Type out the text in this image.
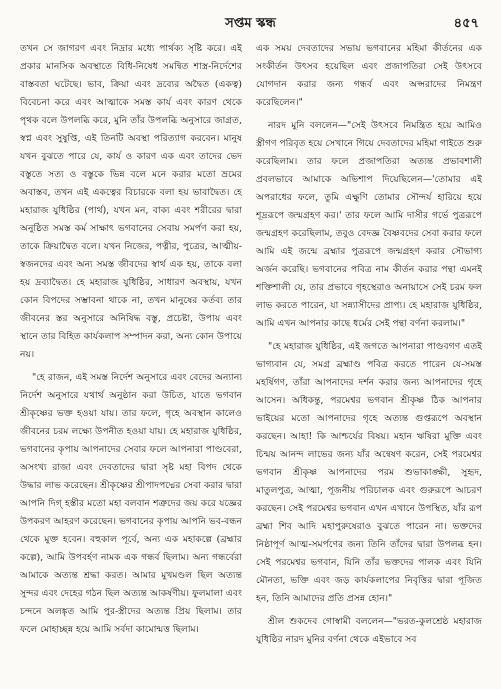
সপ্তম স্কন্ধ	৪৫৭

তখন সে জাগরণ এবং নিদ্রার মধ্যে পার্থক্য সৃষ্টি করে। এই প্রকার মানসিক অবস্থাতে বিধি-নিষেধ সমন্বিত শাস্ত্র-নির্দেশের বাস্তবতা ঘটেছে। ভাব, ক্রিয়া এবং দ্রব্যের অদ্বৈত (একত্ব) বিবেচনা করে এবং আত্মাকে সমস্ত কার্য এবং কারণ থেকে পৃথক বলে উপলব্ধি করে, মুনি তাঁর উপলব্ধি অনুসারে জাগ্রত, স্বপ্ন এবং সুষুপ্তি, এই তিনটি অবস্থা পরিত্যাগ করবেন। মানুষ যখন বুঝতে পারে যে, কার্য ও কারণ এক এবং তাদের ভেদ বস্তুতে সত্য ও বস্তুকে ভিন্ন বলে মনে করার মতো ভ্রমের অবাস্তব, তখন এই একত্বের বিচারকে বলা হয় ভাবাদ্বৈত। হে মহারাজ যুধিষ্ঠির (পার্থ), যখন মন, বাক্য এবং শরীরের দ্বারা অনুষ্ঠিত সমস্ত কর্ম সাক্ষাৎ ভগবানের সেবায় সমর্পণ করা হয়, তাকে ক্রিয়াদ্বৈত বলে। যখন নিজের, পত্নীর, পুত্রের, আত্মীয়-স্বজনদের এবং অন্য সমস্ত জীবদের স্বার্থ এক হয়, তাকে বলা হয় দ্রব্যাদ্বৈত। হে মহারাজ যুধিষ্ঠির, সাধারণ অবস্থায়, যখন কোন বিপদের সম্ভাবনা থাকে না, তখন মানুষের কর্তব্য তার জীবনের স্তর অনুসারে অনিষিদ্ধ বস্তু, প্রচেষ্টা, উপায় এবং স্থানে তার বিহিত কার্যকলাপ সম্পাদন করা, অন্য কোন উপায়ে নয়।

"হে রাজন, এই সমস্ত নির্দেশ অনুসারে এবং বেদের অন্যান্য নির্দেশ অনুসারে যথার্থ অনুষ্ঠান করা উচিত, যাতে ভগবান শ্রীকৃষ্ণের ভক্ত হওয়া যায়। তার ফলে, গৃহে অবস্থান কালেও জীবনের চরম লক্ষ্যে উপনীত হওয়া যায়। হে মহারাজ যুধিষ্ঠির, ভগবানের কৃপায় আপনাদের সেবার ফলে আপনারা পাণ্ডবেরা, অসংখ্য রাজা এবং দেবতাদের দ্বারা সৃষ্ট মহা বিপদ থেকে উদ্ধার লাভ করেছেন। শ্রীকৃষ্ণের শ্রীপাদপদ্মের সেবা করার দ্বারা আপনি দিগ্‌ হস্তীর মতো মহা বলবান শত্রুদের জয় করে যজ্ঞের উপকরণ আহরণ করেছেন। ভগবানের কৃপায় আপনি ভব-বন্ধন থেকে মুক্ত হবেন। বহুকাল পূর্বে, অন্য এক মহাকল্পে (ব্রহ্মার কল্পে), আমি উপবর্হণ নামক এক গন্ধর্ব ছিলাম। অন্য গন্ধর্বেরা আমাকে অত্যন্ত শ্রদ্ধা করত। আমার মুখমণ্ডল ছিল অত্যন্ত সুন্দর এবং দেহের গঠন ছিল অত্যন্ত আকর্ষণীয়। ফুলমালা এবং চন্দনে অলঙ্কৃত আমি পুর-স্ত্রীদের অত্যন্ত প্রিয় ছিলাম। তার ফলে মোহাচ্ছন্ন হয়ে আমি সর্বদা কামোন্মত্ত ছিলাম।

এক সময় দেবতাদের সভায় ভগবানের মহিমা কীর্তনের এক সংকীর্তন উৎসব হয়েছিল এবং প্রজাপতিরা সেই উৎসবে যোগদান করার জন্য গন্ধর্ব এবং অপ্সরাদের নিমন্ত্রণ করেছিলেন।"

নারদ মুনি বললেন—"সেই উৎসবে নিমন্ত্রিত হয়ে আমিও স্ত্রীগণ পরিবৃত হয়ে সেখানে গিয়ে দেবতাদের মহিমা গাইতে শুরু করেছিলাম। তার ফলে প্রজাপতিরা অত্যন্ত প্রভাবশালী প্রবলভাবে আমাকে অভিশাপ দিয়েছিলেন—'তোমার এই অপরাধের ফলে, তুমি এক্ষুণি তোমার সৌন্দর্য হারিয়ে হয়ে শূদ্ররূপে জন্মগ্রহণ কর।' তার ফলে আমি দাসীর গর্ভে পুত্ররূপে জন্মগ্রহণ করেছিলাম, তবুও বেদজ্ঞ বৈষ্ণবদের সেবা করার ফলে আমি এই জন্মে ব্রহ্মার পুত্ররূপে জন্মগ্রহণ করার সৌভাগ্য অর্জন করেছি। ভগবানের পবিত্র নাম কীর্তন করার পন্থা এমনই শক্তিশালী যে, তার প্রভাবে গৃহস্থেরাও অনায়াসে সেই চরম ফল লাভ করতে পারেন, যা সন্ন্যাসীদের প্রাপ্য। হে মহারাজ যুধিষ্ঠির, আমি এখন আপনার কাছে ধর্মের সেই পন্থা বর্ণনা করলাম।"

"হে মহারাজ যুধিষ্ঠির, এই জগতে আপনারা পাণ্ডবগণ এতই ভাগ্যবান যে, সমগ্র ব্রহ্মাণ্ড পবিত্র করতে পারেন যে-সমস্ত মহর্ষিগণ, তাঁরা আপনাদের দর্শন করার জন্য আপনাদের গৃহে আসেন। অধিকন্তু, পরমেশ্বর ভগবান শ্রীকৃষ্ণ ঠিক আপনার ভাইয়ের মতো আপনাদের গৃহে অত্যন্ত গুপ্তরূপে অবস্থান করছেন। আহা! কি আশ্চর্যের বিষয়। মহান ঋষিরা মুক্তি এবং চিন্ময় আনন্দ লাভের জন্য যাঁর অন্বেষণ করেন, সেই পরমেশ্বর ভগবান শ্রীকৃষ্ণ আপনাদের পরম শুভাকাঙ্ক্ষী, সুহৃদ, মাতুলপুত্র, আত্মা, পূজনীয় পরিচালক এবং গুরুরূপে আচরণ করছেন। সেই পরমেশ্বর ভগবান এখন এখানে উপস্থিত, যাঁর রূপ ব্রহ্মা শিব আদি মহাপুরুষেরাও বুঝতে পারেন না। ভক্তদের নিষ্ঠাপূর্ণ আত্ম-সমর্পণের জন্য তিনি তাঁদের দ্বারা উপলব্ধ হন। সেই পরমেশ্বর ভগবান, যিনি তাঁর ভক্তদের পালক এবং যিনি মৌনতা, ভক্তি এবং জড় কার্যকলাপের নিবৃত্তির দ্বারা পূজিত হন, তিনি আমাদের প্রতি প্রসন্ন হোন।"

শ্রীল শুকদেব গোস্বামী বললেন—"ভরত-কুলশ্রেষ্ঠ মহারাজ যুধিষ্ঠির নারদ মুনির বর্ণনা থেকে এইভাবে সব
